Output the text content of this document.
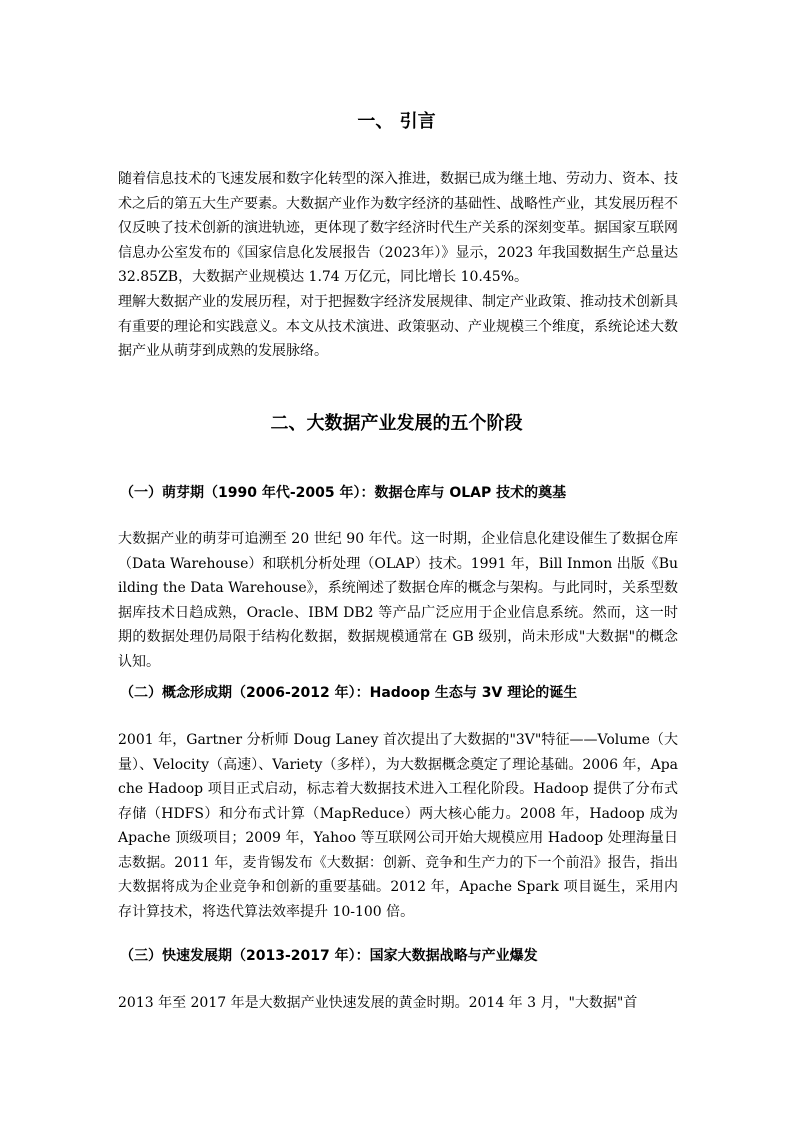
一、 引言

随着信息技术的飞速发展和数字化转型的深入推进，数据已成为继土地、劳动力、资本、技术之后的第五大生产要素。大数据产业作为数字经济的基础性、战略性产业，其发展历程不仅反映了技术创新的演进轨迹，更体现了数字经济时代生产关系的深刻变革。据国家互联网信息办公室发布的《国家信息化发展报告（2023年）》显示，2023 年我国数据生产总量达 32.85ZB，大数据产业规模达 1.74 万亿元，同比增长 10.45%。

理解大数据产业的发展历程，对于把握数字经济发展规律、制定产业政策、推动技术创新具有重要的理论和实践意义。本文从技术演进、政策驱动、产业规模三个维度，系统论述大数据产业从萌芽到成熟的发展脉络。

二、大数据产业发展的五个阶段
（一）萌芽期（1990 年代-2005 年）：数据仓库与 OLAP 技术的奠基

大数据产业的萌芽可追溯至 20 世纪 90 年代。这一时期，企业信息化建设催生了数据仓库（Data Warehouse）和联机分析处理（OLAP）技术。1991 年，Bill Inmon 出版《Building the Data Warehouse》，系统阐述了数据仓库的概念与架构。与此同时，关系型数据库技术日趋成熟，Oracle、IBM DB2 等产品广泛应用于企业信息系统。然而，这一时期的数据处理仍局限于结构化数据，数据规模通常在 GB 级别，尚未形成"大数据"的概念认知。

（二）概念形成期（2006-2012 年）：Hadoop 生态与 3V 理论的诞生

2001 年，Gartner 分析师 Doug Laney 首次提出了大数据的"3V"特征——Volume（大量）、Velocity（高速）、Variety（多样），为大数据概念奠定了理论基础。2006 年，Apache Hadoop 项目正式启动，标志着大数据技术进入工程化阶段。Hadoop 提供了分布式存储（HDFS）和分布式计算（MapReduce）两大核心能力。2008 年，Hadoop 成为 Apache 顶级项目；2009 年，Yahoo 等互联网公司开始大规模应用 Hadoop 处理海量日志数据。2011 年，麦肯锡发布《大数据：创新、竞争和生产力的下一个前沿》报告，指出大数据将成为企业竞争和创新的重要基础。2012 年，Apache Spark 项目诞生，采用内存计算技术，将迭代算法效率提升 10-100 倍。

（三）快速发展期（2013-2017 年）：国家大数据战略与产业爆发

2013 年至 2017 年是大数据产业快速发展的黄金时期。2014 年 3 月，"大数据"首
